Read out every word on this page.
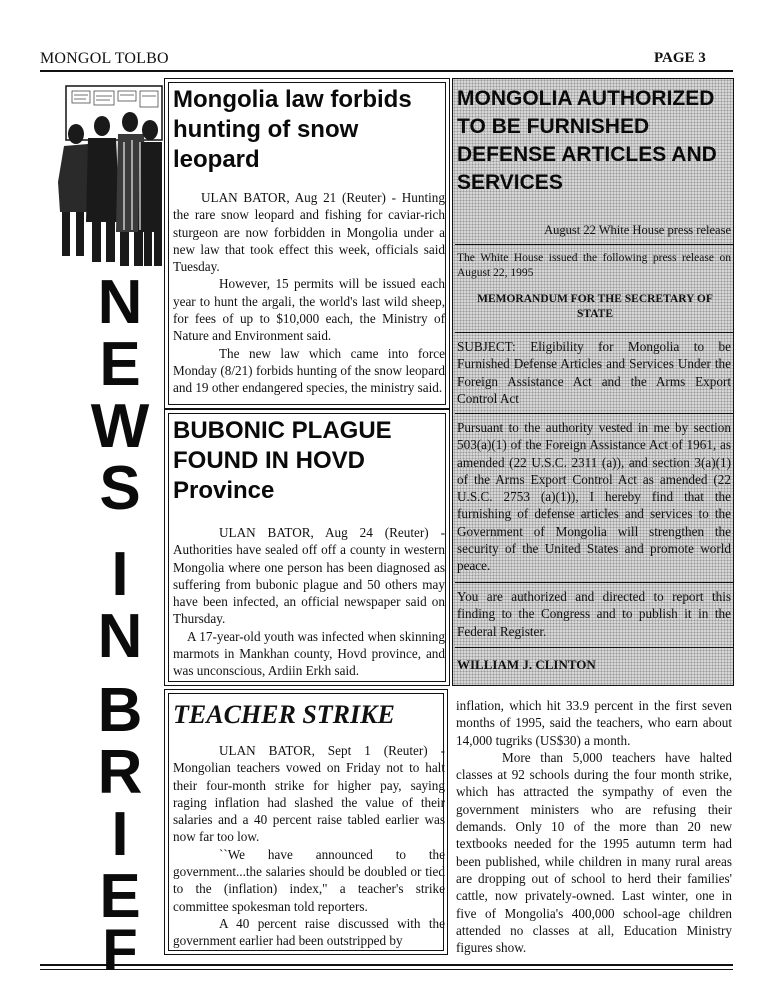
MONGOL TOLBO	PAGE 3
N
E
W
S
I
N
B
R
I
E
F
Mongolia law forbids hunting of snow leopard

ULAN BATOR, Aug 21 (Reuter) - Hunting the rare snow leopard and fishing for caviar-rich sturgeon are now forbidden in Mongolia under a new law that took effect this week, officials said Tuesday.

However, 15 permits will be issued each year to hunt the argali, the world's last wild sheep, for fees of up to $10,000 each, the Ministry of Nature and Environment said.

The new law which came into force Monday (8/21) forbids hunting of the snow leopard and 19 other endangered species, the ministry said.

BUBONIC PLAGUE FOUND IN HOVD Province

ULAN BATOR, Aug 24 (Reuter) - Authorities have sealed off off a county in western Mongolia where one person has been diagnosed as suffering from bubonic plague and 50 others may have been infected, an official newspaper said on Thursday.

A 17-year-old youth was infected when skinning marmots in Mankhan county, Hovd province, and was unconscious, Ardiin Erkh said.

MONGOLIA AUTHORIZED TO BE FURNISHED DEFENSE ARTICLES AND SERVICES
August 22 White House press release
The White House issued the following press release on August 22, 1995
MEMORANDUM FOR THE SECRETARY OF STATE
SUBJECT: Eligibility for Mongolia to be Furnished Defense Articles and Services Under the Foreign Assistance Act and the Arms Export Control Act
Pursuant to the authority vested in me by section 503(a)(1) of the Foreign Assistance Act of 1961, as amended (22 U.S.C. 2311 (a)), and section 3(a)(1) of the Arms Export Control Act as amended (22 U.S.C. 2753 (a)(1)), I hereby find that the furnishing of defense articles and services to the Government of Mongolia will strengthen the security of the United States and promote world peace.
You are authorized and directed to report this finding to the Congress and to publish it in the Federal Register.
WILLIAM J. CLINTON
TEACHER STRIKE

ULAN BATOR, Sept 1 (Reuter) - Mongolian teachers vowed on Friday not to halt their four-month strike for higher pay, saying raging inflation had slashed the value of their salaries and a 40 percent raise tabled earlier was now far too low.

``We have announced to the government...the salaries should be doubled or tied to the (inflation) index," a teacher's strike committee spokesman told reporters.

A 40 percent raise discussed with the government earlier had been outstripped by

inflation, which hit 33.9 percent in the first seven months of 1995, said the teachers, who earn about 14,000 tugriks (US$30) a month.

More than 5,000 teachers have halted classes at 92 schools during the four month strike, which has attracted the sympathy of even the government ministers who are refusing their demands. Only 10 of the more than 20 new textbooks needed for the 1995 autumn term had been published, while children in many rural areas are dropping out of school to herd their families' cattle, now privately-owned. Last winter, one in five of Mongolia's 400,000 school-age children attended no classes at all, Education Ministry figures show.
